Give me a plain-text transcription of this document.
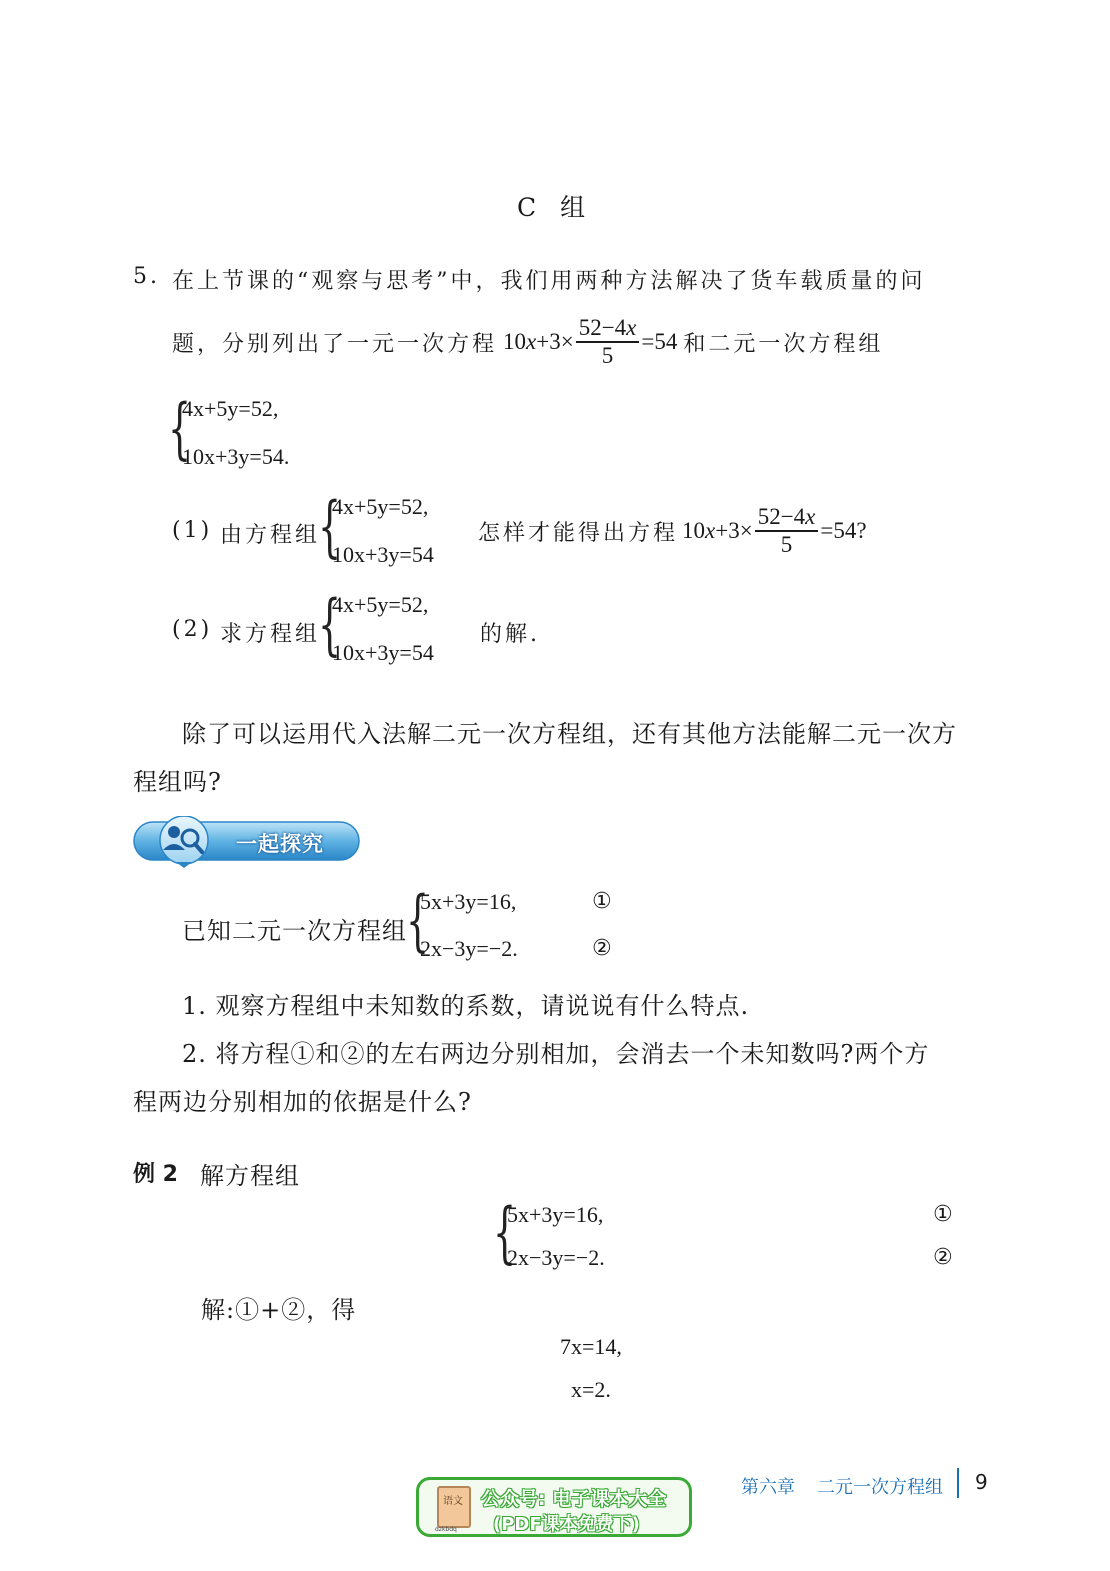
C 组
5. 在上节课的“观察与思考”中，我们用两种方法解决了货车载质量的问
题，分别列出了一元一次方程 10 $x +3\times \frac{52-4x}{5} =54$ 和二元一次方程组
{
4x+5y=52,
10x+3y=54.
(1) 由方程组
{
4x+5y=52,
10x+3y=54
怎样才能得出方程 10 $x +3\times \frac{52-4x}{5} =54$?
(2) 求方程组
{
4x+5y=52,
10x+3y=54
的解.
除了可以运用代入法解二元一次方程组，还有其他方法能解二元一次方
程组吗?
一起探究
已知二元一次方程组 {
5x+3y=16,
2x−3y=−2.
①
②
1. 观察方程组中未知数的系数，请说说有什么特点.
2. 将方程①和②的左右两边分别相加，会消去一个未知数吗?两个方
程两边分别相加的依据是什么?
例 2 解方程组
{
5x+3y=16,
2x−3y=−2.
①
②
解:①+②，得
7x=14,
x=2.
第六章 二元一次方程组 9
语文
dzkbdq
公众号: 电子课本大全
(PDF课本免费下)
